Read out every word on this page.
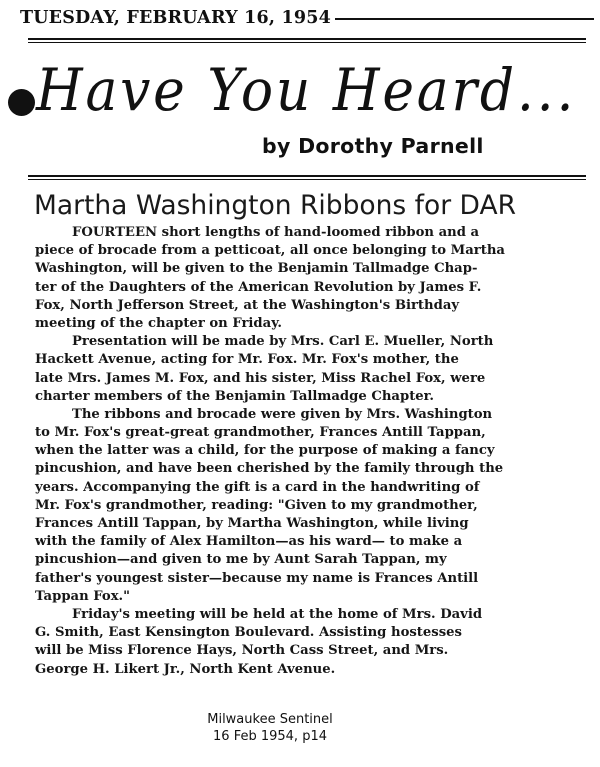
TUESDAY, FEBRUARY 16, 1954
Have You Heard...
by Dorothy Parnell
Martha Washington Ribbons for DAR
FOURTEEN short lengths of hand-loomed ribbon and a
piece of brocade from a petticoat, all once belonging to Martha
Washington, will be given to the Benjamin Tallmadge Chap-
ter of the Daughters of the American Revolution by James F.
Fox, North Jefferson Street, at the Washington's Birthday
meeting of the chapter on Friday.
Presentation will be made by Mrs. Carl E. Mueller, North
Hackett Avenue, acting for Mr. Fox. Mr. Fox's mother, the
late Mrs. James M. Fox, and his sister, Miss Rachel Fox, were
charter members of the Benjamin Tallmadge Chapter.
The ribbons and brocade were given by Mrs. Washington
to Mr. Fox's great-great grandmother, Frances Antill Tappan,
when the latter was a child, for the purpose of making a fancy
pincushion, and have been cherished by the family through the
years. Accompanying the gift is a card in the handwriting of
Mr. Fox's grandmother, reading: "Given to my grandmother,
Frances Antill Tappan, by Martha Washington, while living
with the family of Alex Hamilton—as his ward— to make a
pincushion—and given to me by Aunt Sarah Tappan, my
father's youngest sister—because my name is Frances Antill
Tappan Fox."
Friday's meeting will be held at the home of Mrs. David
G. Smith, East Kensington Boulevard. Assisting hostesses
will be Miss Florence Hays, North Cass Street, and Mrs.
George H. Likert Jr., North Kent Avenue.
Milwaukee Sentinel
16 Feb 1954, p14
